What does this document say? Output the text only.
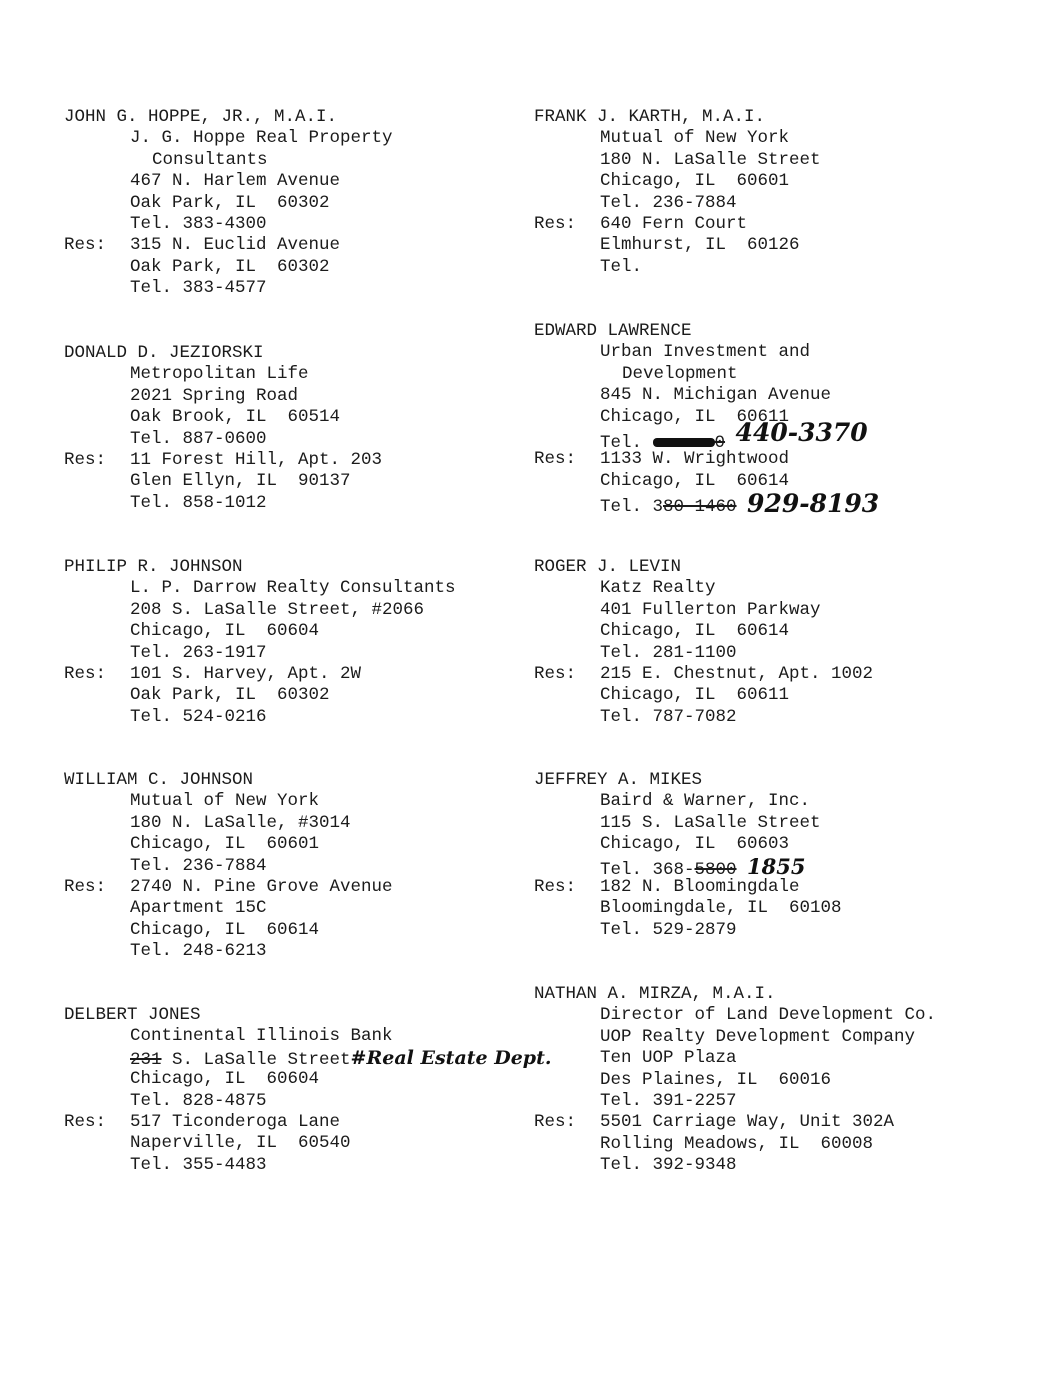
JOHN G. HOPPE, JR., M.A.I.
J. G. Hoppe Real Property
Consultants
467 N. Harlem Avenue
Oak Park, IL  60302
Tel. 383-4300
Res: 315 N. Euclid Avenue
Oak Park, IL  60302
Tel. 383-4577
DONALD D. JEZIORSKI
Metropolitan Life
2021 Spring Road
Oak Brook, IL  60514
Tel. 887-0600
Res: 11 Forest Hill, Apt. 203
Glen Ellyn, IL  90137
Tel. 858-1012
PHILIP R. JOHNSON
L. P. Darrow Realty Consultants
208 S. LaSalle Street, #2066
Chicago, IL  60604
Tel. 263-1917
Res: 101 S. Harvey, Apt. 2W
Oak Park, IL  60302
Tel. 524-0216
WILLIAM C. JOHNSON
Mutual of New York
180 N. LaSalle, #3014
Chicago, IL  60601
Tel. 236-7884
Res: 2740 N. Pine Grove Avenue
Apartment 15C
Chicago, IL  60614
Tel. 248-6213
DELBERT JONES
Continental Illinois Bank
231 S. LaSalle Street#Real Estate Dept.
Chicago, IL  60604
Tel. 828-4875
Res: 517 Ticonderoga Lane
Naperville, IL  60540
Tel. 355-4483
FRANK J. KARTH, M.A.I.
Mutual of New York
180 N. LaSalle Street
Chicago, IL  60601
Tel. 236-7884
Res: 640 Fern Court
Elmhurst, IL  60126
Tel.
EDWARD LAWRENCE
Urban Investment and
Development
845 N. Michigan Avenue
Chicago, IL  60611
Tel.	0 440-3370
Res: 1133 W. Wrightwood
Chicago, IL  60614
Tel. 380-1460 929-8193
ROGER J. LEVIN
Katz Realty
401 Fullerton Parkway
Chicago, IL  60614
Tel. 281-1100
Res: 215 E. Chestnut, Apt. 1002
Chicago, IL  60611
Tel. 787-7082
JEFFREY A. MIKES
Baird & Warner, Inc.
115 S. LaSalle Street
Chicago, IL  60603
Tel. 368-5800 1855
Res: 182 N. Bloomingdale
Bloomingdale, IL  60108
Tel. 529-2879
NATHAN A. MIRZA, M.A.I.
Director of Land Development Co.
UOP Realty Development Company
Ten UOP Plaza
Des Plaines, IL  60016
Tel. 391-2257
Res: 5501 Carriage Way, Unit 302A
Rolling Meadows, IL  60008
Tel. 392-9348
